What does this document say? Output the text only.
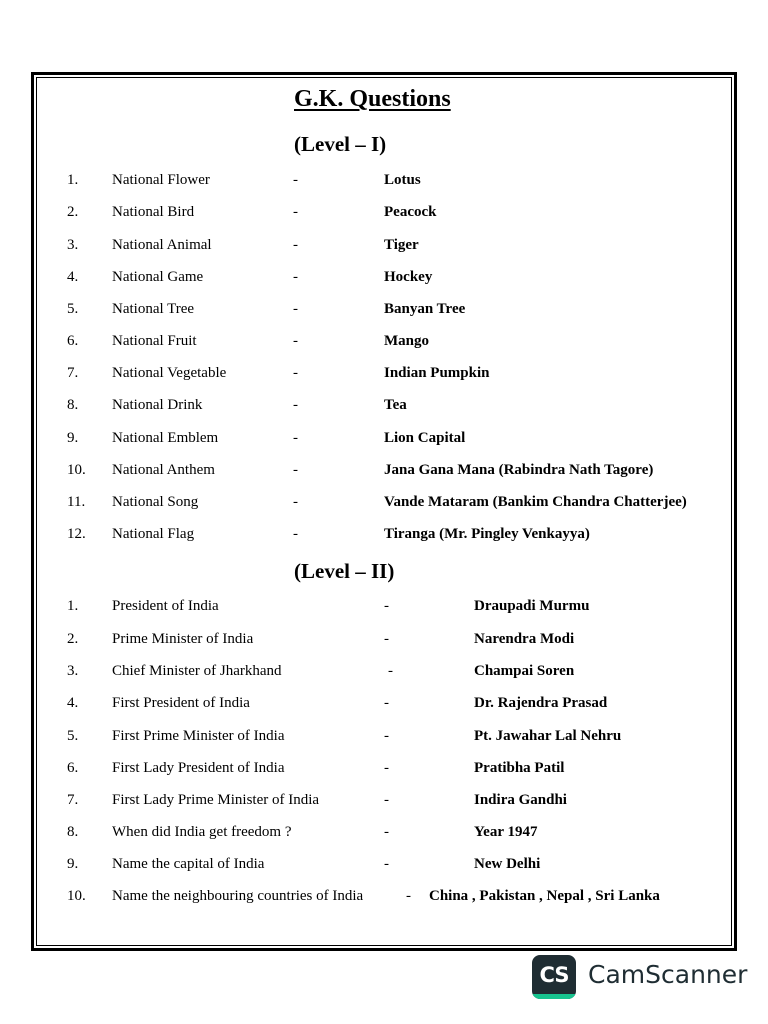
G.K. Questions
(Level – I)
1. National Flower	-	Lotus
2. National Bird	-	Peacock
3. National Animal	-	Tiger
4. National Game	-	Hockey
5. National Tree	-	Banyan Tree
6. National Fruit	-	Mango
7. National Vegetable	-	Indian Pumpkin
8. National Drink	-	Tea
9. National Emblem	-	Lion Capital
10. National Anthem	-	Jana Gana Mana (Rabindra Nath Tagore)
11. National Song	-	Vande Mataram (Bankim Chandra Chatterjee)
12. National Flag	-	Tiranga (Mr. Pingley Venkayya)
(Level – II)
1. President of India	-	Draupadi Murmu
2. Prime Minister of India	-	Narendra Modi
3. Chief Minister of Jharkhand	-	Champai Soren
4. First President of India	-	Dr. Rajendra Prasad
5. First Prime Minister of India	-	Pt. Jawahar Lal Nehru
6. First Lady President of India	-	Pratibha Patil
7. First Lady Prime Minister of India	-	Indira Gandhi
8. When did India get freedom ?	-	Year 1947
9. Name the capital of India	-	New Delhi
10. Name the neighbouring countries of India	- China , Pakistan , Nepal , Sri Lanka
CS CamScanner
